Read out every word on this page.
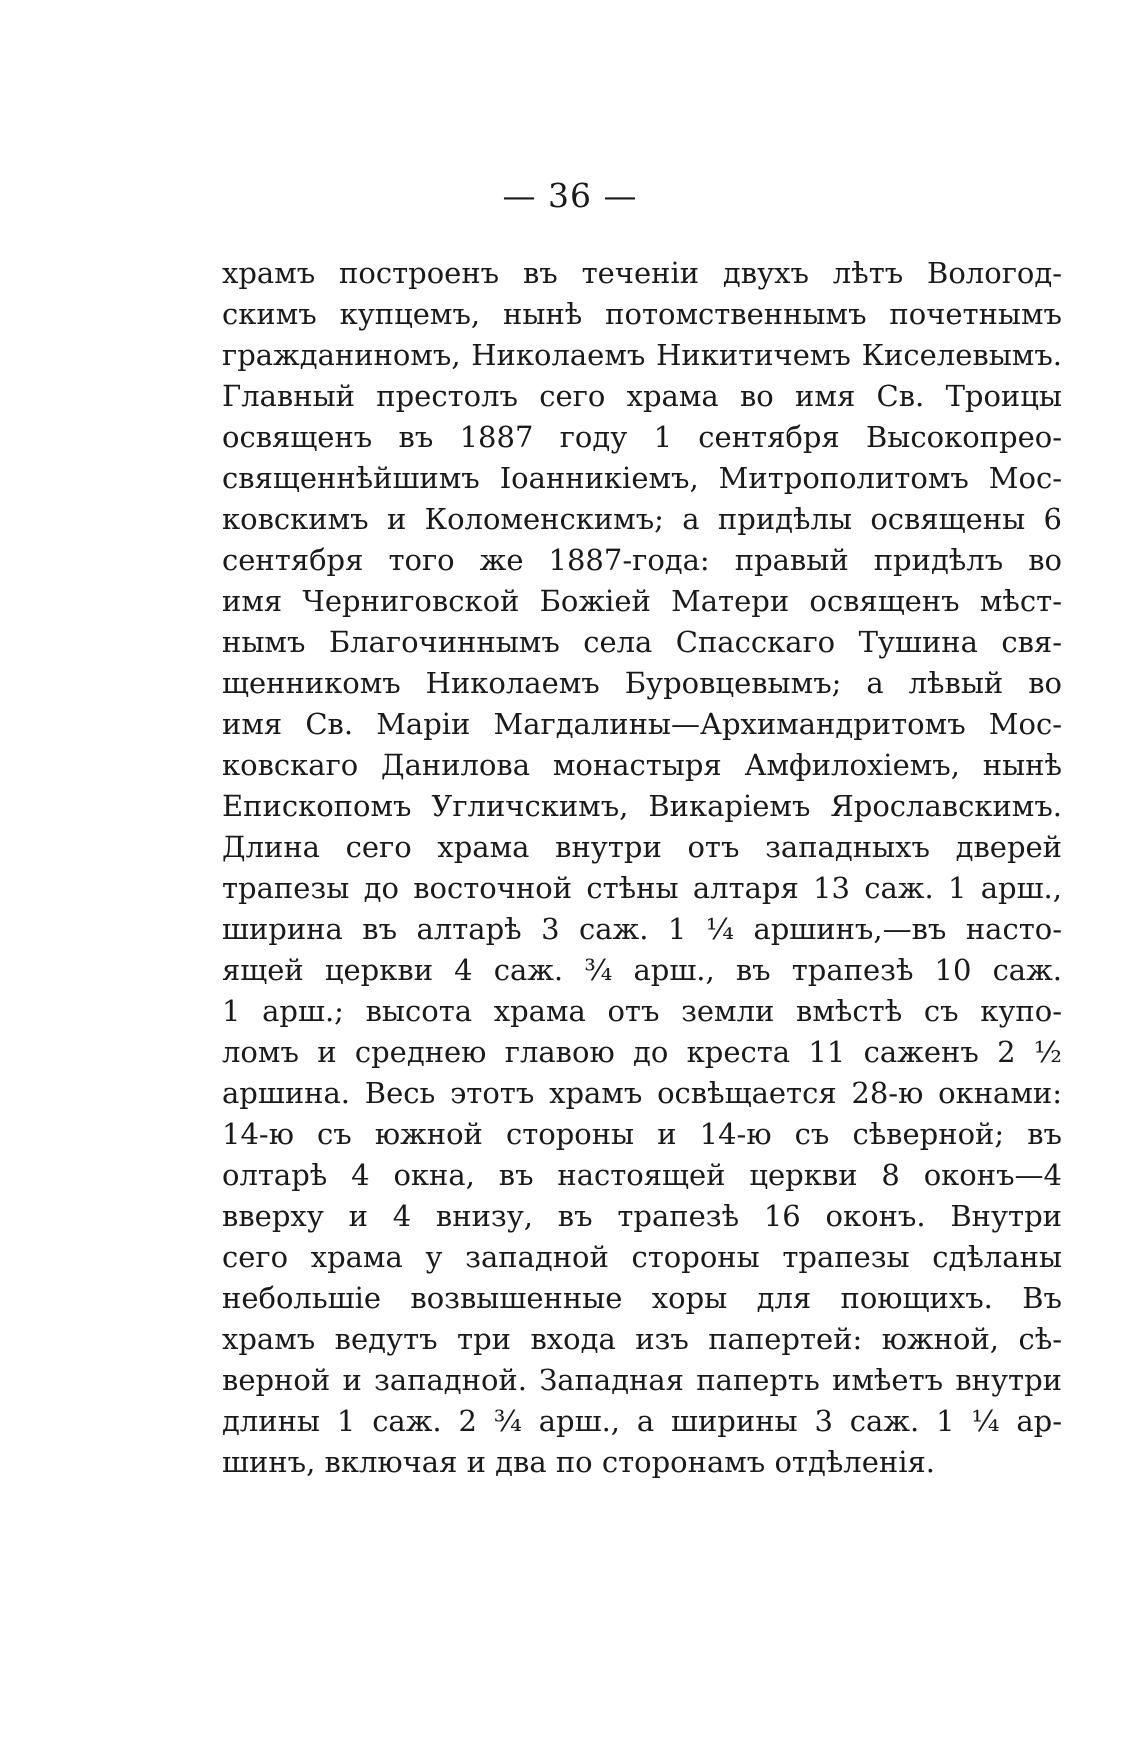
— 36 —
храмъ построенъ въ теченіи двухъ лѣтъ Вологод-
скимъ купцемъ, нынѣ потомственнымъ почетнымъ
гражданиномъ, Николаемъ Никитичемъ Киселевымъ.
Главный престолъ сего храма во имя Св. Троицы
освященъ въ 1887 году 1 сентября Высокопрео-
священнѣйшимъ Іоанникіемъ, Митрополитомъ Мос-
ковскимъ и Коломенскимъ; а придѣлы освящены 6
сентября того же 1887-года: правый придѣлъ во
имя Черниговской Божіей Матери освященъ мѣст-
нымъ Благочиннымъ села Спасскаго Тушина свя-
щенникомъ Николаемъ Буровцевымъ; а лѣвый во
имя Св. Маріи Магдалины—Архимандритомъ Мос-
ковскаго Данилова монастыря Амфилохіемъ, нынѣ
Епископомъ Угличскимъ, Викаріемъ Ярославскимъ.
Длина сего храма внутри отъ западныхъ дверей
трапезы до восточной стѣны алтаря 13 саж. 1 арш.,
ширина въ алтарѣ 3 саж. 1 ¼ аршинъ,—въ насто-
ящей церкви 4 саж. ¾ арш., въ трапезѣ 10 саж.
1 арш.; высота храма отъ земли вмѣстѣ съ купо-
ломъ и среднею главою до креста 11 саженъ 2 ½
аршина. Весь этотъ храмъ освѣщается 28-ю окнами:
14-ю съ южной стороны и 14-ю съ сѣверной; въ
олтарѣ 4 окна, въ настоящей церкви 8 оконъ—4
вверху и 4 внизу, въ трапезѣ 16 оконъ. Внутри
сего храма у западной стороны трапезы сдѣланы
небольшіе возвышенные хоры для поющихъ. Въ
храмъ ведутъ три входа изъ папертей: южной, сѣ-
верной и западной. Западная паперть имѣетъ внутри
длины 1 саж. 2 ¾ арш., а ширины 3 саж. 1 ¼ ар-
шинъ, включая и два по сторонамъ отдѣленія.
